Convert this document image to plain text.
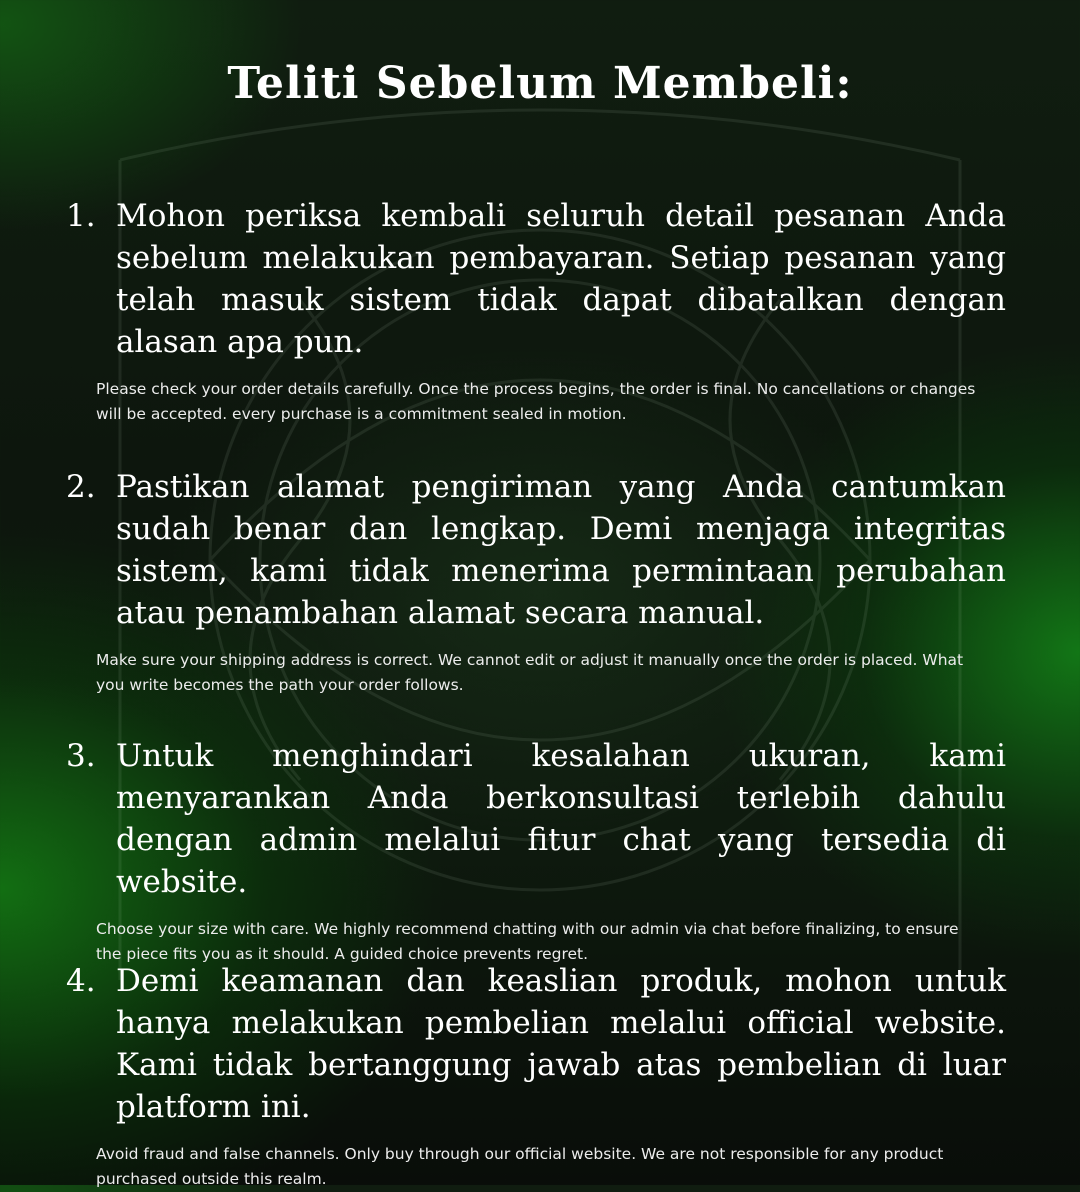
Teliti Sebelum Membeli:

1. Mohon periksa kembali seluruh detail pesanan Anda sebelum melakukan pembayaran. Setiap pesanan yang telah masuk sistem tidak dapat dibatalkan dengan alasan apa pun.

Please check your order details carefully. Once the process begins, the order is final. No cancellations or changes will be accepted. every purchase is a commitment sealed in motion.

2. Pastikan alamat pengiriman yang Anda cantumkan sudah benar dan lengkap. Demi menjaga integritas sistem, kami tidak menerima permintaan perubahan atau penambahan alamat secara manual.

Make sure your shipping address is correct. We cannot edit or adjust it manually once the order is placed. What you write becomes the path your order follows.

3. Untuk menghindari kesalahan ukuran, kami menyarankan Anda berkonsultasi terlebih dahulu dengan admin melalui fitur chat yang tersedia di website.

Choose your size with care. We highly recommend chatting with our admin via chat before finalizing, to ensure the piece fits you as it should. A guided choice prevents regret.

4. Demi keamanan dan keaslian produk, mohon untuk hanya melakukan pembelian melalui official website. Kami tidak bertanggung jawab atas pembelian di luar platform ini.

Avoid fraud and false channels. Only buy through our official website. We are not responsible for any product purchased outside this realm.
